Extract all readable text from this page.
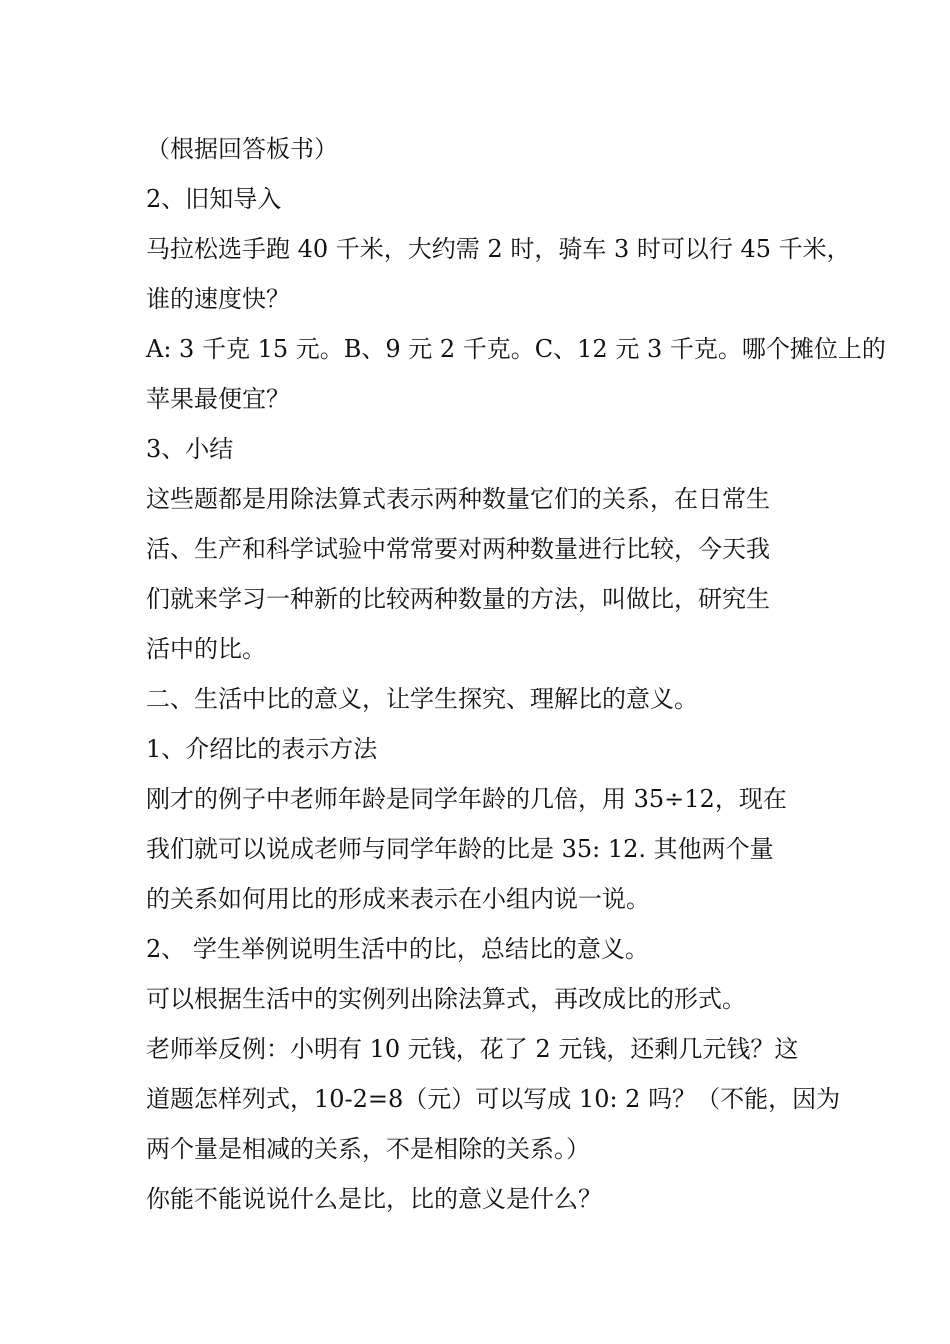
（根据回答板书）
2、旧知导入
马拉松选手跑 40 千米，大约需 2 时，骑车 3 时可以行 45 千米，
谁的速度快？
A: 3 千克 15 元。B、9 元 2 千克。C、12 元 3 千克。哪个摊位上的
苹果最便宜？
3、小结
这些题都是用除法算式表示两种数量它们的关系，在日常生
活、生产和科学试验中常常要对两种数量进行比较，今天我
们就来学习一种新的比较两种数量的方法，叫做比，研究生
活中的比。
二、生活中比的意义，让学生探究、理解比的意义。
1、介绍比的表示方法
刚才的例子中老师年龄是同学年龄的几倍，用 35÷12，现在
我们就可以说成老师与同学年龄的比是 35: 12. 其他两个量
的关系如何用比的形成来表示在小组内说一说。
2、 学生举例说明生活中的比，总结比的意义。
可以根据生活中的实例列出除法算式，再改成比的形式。
老师举反例：小明有 10 元钱，花了 2 元钱，还剩几元钱？这
道题怎样列式，10-2=8（元）可以写成 10: 2 吗？（不能，因为
两个量是相减的关系，不是相除的关系。）
你能不能说说什么是比，比的意义是什么？
